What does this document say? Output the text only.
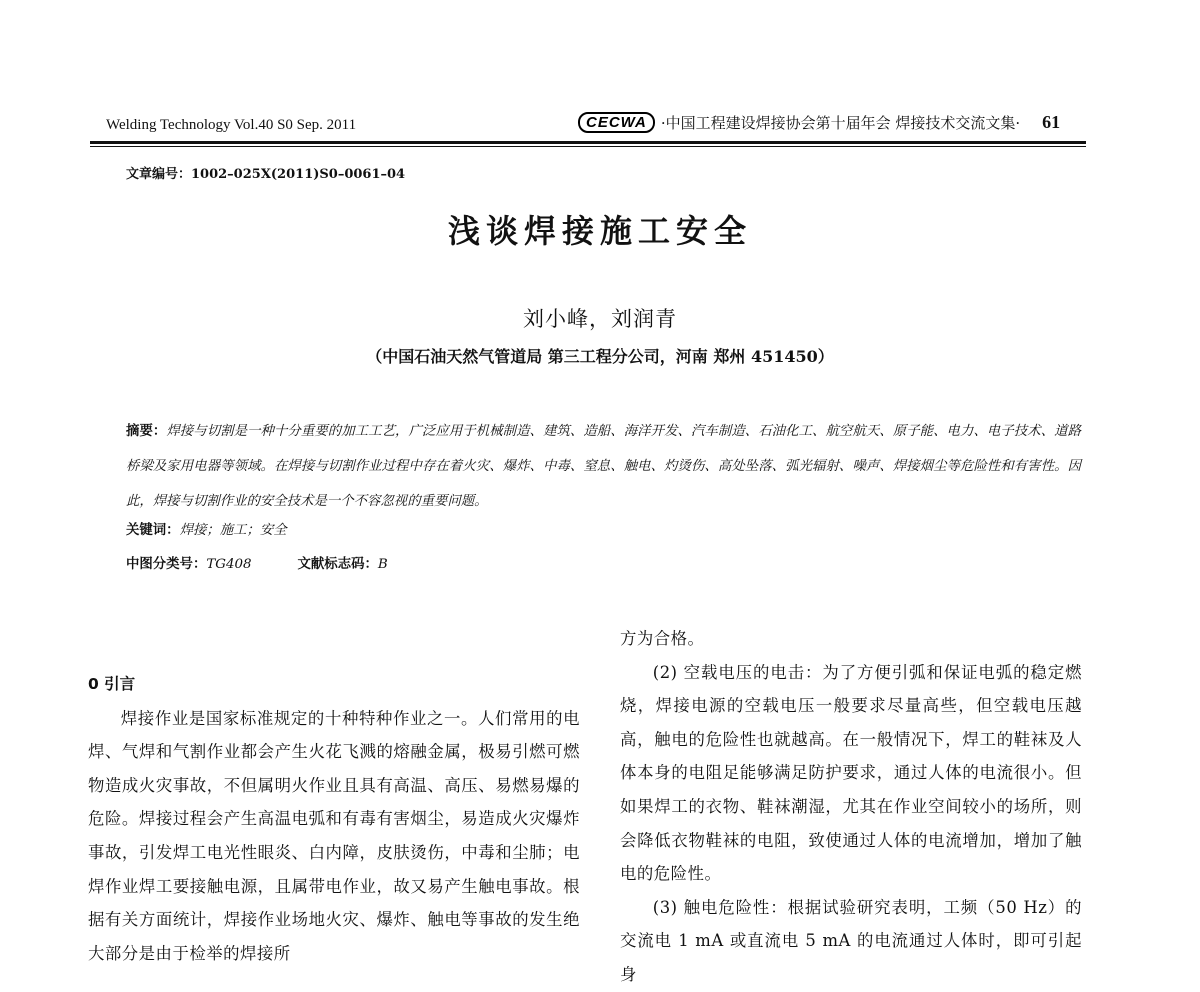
Welding Technology Vol.40 S0 Sep. 2011	CECWA ·中国工程建设焊接协会第十届年会 焊接技术交流文集· 61
文章编号：1002–025X(2011)S0–0061–04
浅谈焊接施工安全
刘小峰，刘润青
（中国石油天然气管道局 第三工程分公司，河南 郑州 451450）
摘要：焊接与切割是一种十分重要的加工工艺，广泛应用于机械制造、建筑、造船、海洋开发、汽车制造、石油化工、航空航天、原子能、电力、电子技术、道路桥梁及家用电器等领域。在焊接与切割作业过程中存在着火灾、爆炸、中毒、窒息、触电、灼烫伤、高处坠落、弧光辐射、噪声、焊接烟尘等危险性和有害性。因此，焊接与切割作业的安全技术是一个不容忽视的重要问题。
关键词：焊接；施工；安全
中图分类号：TG408	文献标志码：B
0 引言

焊接作业是国家标准规定的十种特种作业之一。人们常用的电焊、气焊和气割作业都会产生火花飞溅的熔融金属，极易引燃可燃物造成火灾事故，不但属明火作业且具有高温、高压、易燃易爆的危险。焊接过程会产生高温电弧和有毒有害烟尘，易造成火灾爆炸事故，引发焊工电光性眼炎、白内障，皮肤烫伤，中毒和尘肺；电焊作业焊工要接触电源，且属带电作业，故又易产生触电事故。根据有关方面统计，焊接作业场地火灾、爆炸、触电等事故的发生绝大部分是由于检举的焊接所

方为合格。

(2) 空载电压的电击：为了方便引弧和保证电弧的稳定燃烧，焊接电源的空载电压一般要求尽量高些，但空载电压越高，触电的危险性也就越高。在一般情况下，焊工的鞋袜及人体本身的电阻足能够满足防护要求，通过人体的电流很小。但如果焊工的衣物、鞋袜潮湿，尤其在作业空间较小的场所，则会降低衣物鞋袜的电阻，致使通过人体的电流增加，增加了触电的危险性。

(3) 触电危险性：根据试验研究表明，工频（50 Hz）的交流电 1 mA 或直流电 5 mA 的电流通过人体时，即可引起身
